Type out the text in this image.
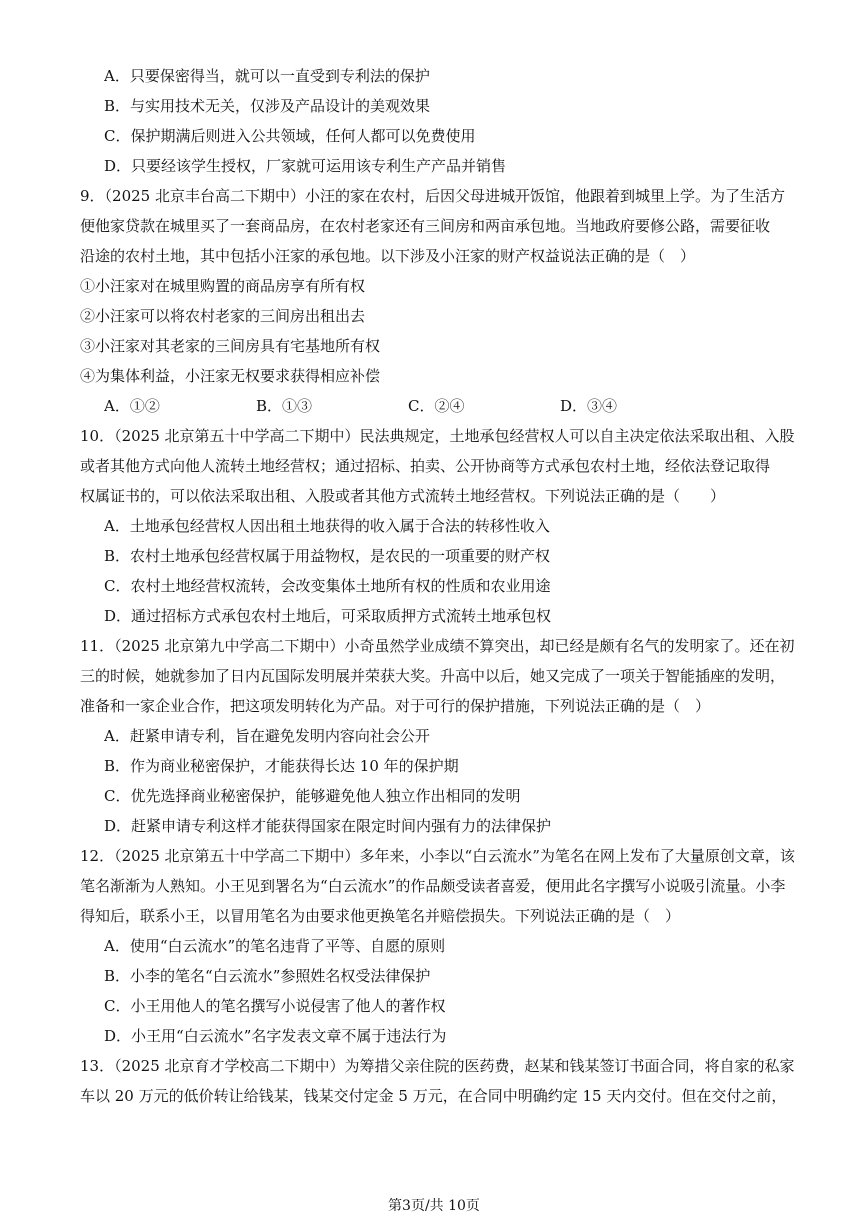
A．只要保密得当，就可以一直受到专利法的保护
B．与实用技术无关，仅涉及产品设计的美观效果
C．保护期满后则进入公共领域，任何人都可以免费使用
D．只要经该学生授权，厂家就可运用该专利生产产品并销售
9．（2025 北京丰台高二下期中）小汪的家在农村，后因父母进城开饭馆，他跟着到城里上学。为了生活方
便他家贷款在城里买了一套商品房，在农村老家还有三间房和两亩承包地。当地政府要修公路，需要征收
沿途的农村土地，其中包括小汪家的承包地。以下涉及小汪家的财产权益说法正确的是（　）
①小汪家对在城里购置的商品房享有所有权
②小汪家可以将农村老家的三间房出租出去
③小汪家对其老家的三间房具有宅基地所有权
④为集体利益，小汪家无权要求获得相应补偿
A．①②	B．①③	C．②④	D．③④
10．（2025 北京第五十中学高二下期中）民法典规定，土地承包经营权人可以自主决定依法采取出租、入股
或者其他方式向他人流转土地经营权；通过招标、拍卖、公开协商等方式承包农村土地，经依法登记取得
权属证书的，可以依法采取出租、入股或者其他方式流转土地经营权。下列说法正确的是（　　）
A．土地承包经营权人因出租土地获得的收入属于合法的转移性收入
B．农村土地承包经营权属于用益物权，是农民的一项重要的财产权
C．农村土地经营权流转，会改变集体土地所有权的性质和农业用途
D．通过招标方式承包农村土地后，可采取质押方式流转土地承包权
11．（2025 北京第九中学高二下期中）小奇虽然学业成绩不算突出，却已经是颇有名气的发明家了。还在初
三的时候，她就参加了日内瓦国际发明展并荣获大奖。升高中以后，她又完成了一项关于智能插座的发明，
准备和一家企业合作，把这项发明转化为产品。对于可行的保护措施，下列说法正确的是（　）
A．赶紧申请专利，旨在避免发明内容向社会公开
B．作为商业秘密保护，才能获得长达 10 年的保护期
C．优先选择商业秘密保护，能够避免他人独立作出相同的发明
D．赶紧申请专利这样才能获得国家在限定时间内强有力的法律保护
12．（2025 北京第五十中学高二下期中）多年来，小李以“白云流水”为笔名在网上发布了大量原创文章，该
笔名渐渐为人熟知。小王见到署名为“白云流水”的作品颇受读者喜爱，便用此名字撰写小说吸引流量。小李
得知后，联系小王，以冒用笔名为由要求他更换笔名并赔偿损失。下列说法正确的是（　）
A．使用“白云流水”的笔名违背了平等、自愿的原则
B．小李的笔名“白云流水”参照姓名权受法律保护
C．小王用他人的笔名撰写小说侵害了他人的著作权
D．小王用“白云流水”名字发表文章不属于违法行为
13．（2025 北京育才学校高二下期中）为筹措父亲住院的医药费，赵某和钱某签订书面合同，将自家的私家
车以 20 万元的低价转让给钱某，钱某交付定金 5 万元，在合同中明确约定 15 天内交付。但在交付之前，
第3页/共 10页
